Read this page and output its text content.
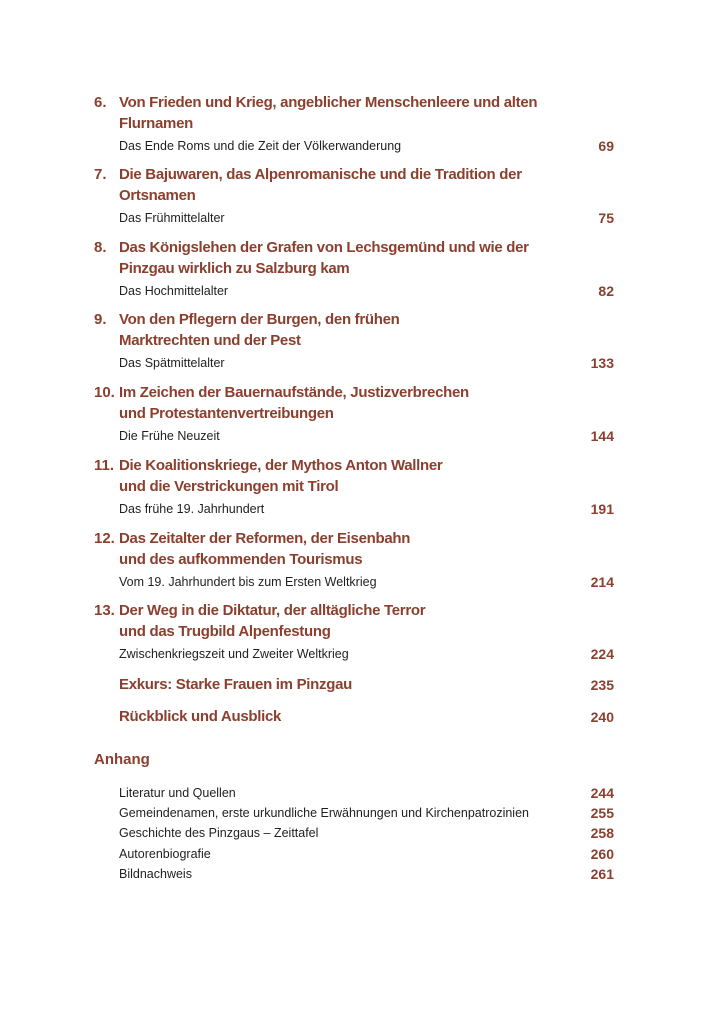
6. Von Frieden und Krieg, angeblicher Menschenleere und alten Flurnamen
Das Ende Roms und die Zeit der Völkerwanderung	69
7. Die Bajuwaren, das Alpenromanische und die Tradition der Ortsnamen
Das Frühmittelalter	75
8. Das Königslehen der Grafen von Lechsgemünd und wie der Pinzgau wirklich zu Salzburg kam
Das Hochmittelalter	82
9. Von den Pflegern der Burgen, den frühen Marktrechten und der Pest
Das Spätmittelalter	133
10. Im Zeichen der Bauernaufstände, Justizverbrechen und Protestantenvertreibungen
Die Frühe Neuzeit	144
11. Die Koalitionskriege, der Mythos Anton Wallner und die Verstrickungen mit Tirol
Das frühe 19. Jahrhundert	191
12. Das Zeitalter der Reformen, der Eisenbahn und des aufkommenden Tourismus
Vom 19. Jahrhundert bis zum Ersten Weltkrieg	214
13. Der Weg in die Diktatur, der alltägliche Terror und das Trugbild Alpenfestung
Zwischenkriegszeit und Zweiter Weltkrieg	224
Exkurs: Starke Frauen im Pinzgau	235
Rückblick und Ausblick	240
Anhang
Literatur und Quellen	244
Gemeindenamen, erste urkundliche Erwähnungen und Kirchenpatrozinien	255
Geschichte des Pinzgaus – Zeittafel	258
Autorenbiografie	260
Bildnachweis	261
